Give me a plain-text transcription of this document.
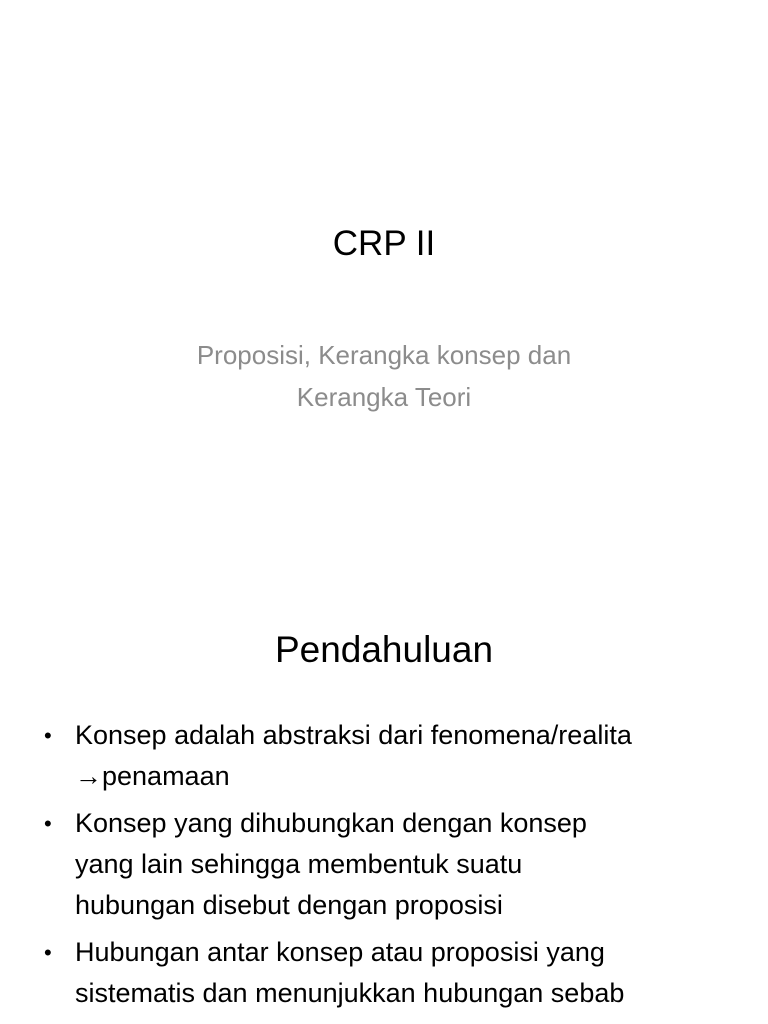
CRP II
Proposisi, Kerangka konsep dan
Kerangka Teori
Pendahuluan
• Konsep adalah abstraksi dari fenomena/realita
→penamaan
• Konsep yang dihubungkan dengan konsep
yang lain sehingga membentuk suatu
hubungan disebut dengan proposisi
• Hubungan antar konsep atau proposisi yang
sistematis dan menunjukkan hubungan sebab
